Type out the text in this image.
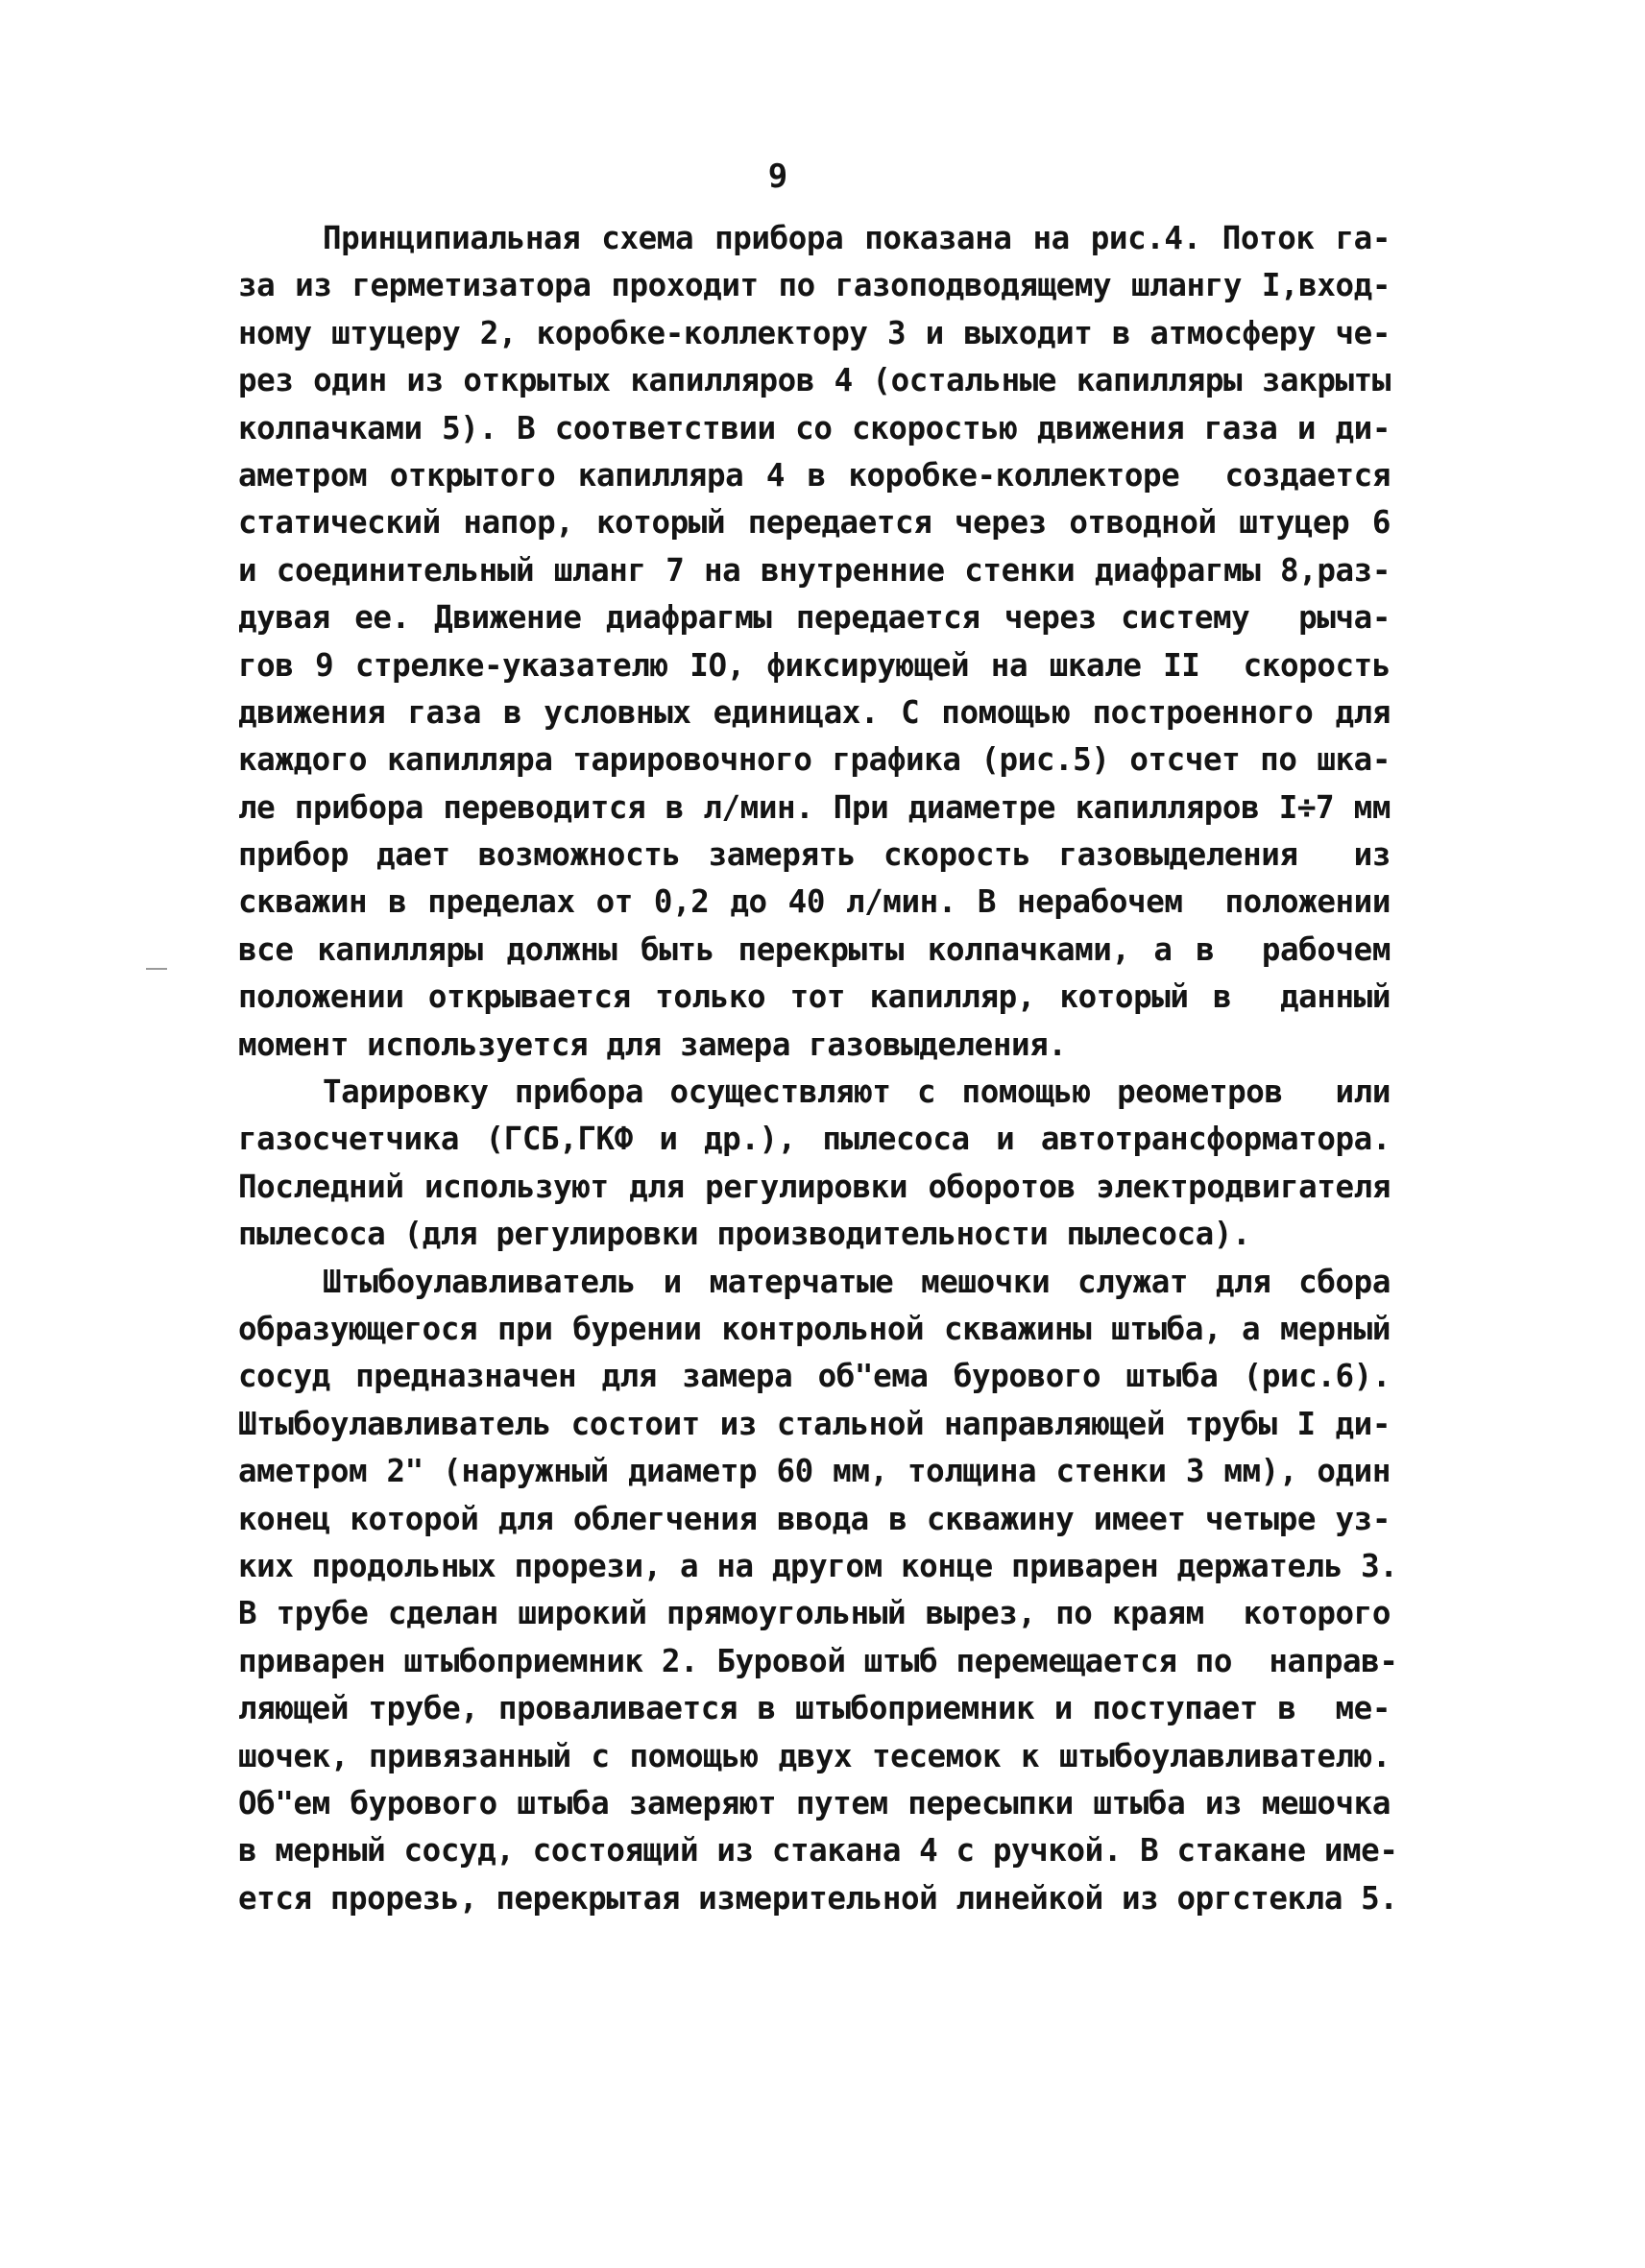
9
Принципиальная схема прибора показана на рис.4. Поток га-
за из герметизатора проходит по газоподводящему шлангу I,вход-
ному штуцеру 2, коробке-коллектору 3 и выходит в атмосферу че-
рез один из открытых капилляров 4 (остальные капилляры закрыты
колпачками 5). В соответствии со скоростью движения газа и ди-
аметром открытого капилляра 4 в коробке-коллекторе  создается
статический напор, который передается через отводной штуцер 6
и соединительный шланг 7 на внутренние стенки диафрагмы 8,раз-
дувая ее. Движение диафрагмы передается через систему  рыча-
гов 9 стрелке-указателю IO, фиксирующей на шкале II  скорость
движения газа в условных единицах. С помощью построенного для
каждого капилляра тарировочного графика (рис.5) отсчет по шка-
ле прибора переводится в л/мин. При диаметре капилляров I÷7 мм
прибор дает возможность замерять скорость газовыделения  из
скважин в пределах от 0,2 до 40 л/мин. В нерабочем  положении
все капилляры должны быть перекрыты колпачками, а в  рабочем
положении открывается только тот капилляр, который в  данный
момент используется для замера газовыделения.
Тарировку прибора осуществляют с помощью реометров  или
газосчетчика (ГСБ,ГКФ и др.), пылесоса и автотрансформатора.
Последний используют для регулировки оборотов электродвигателя
пылесоса (для регулировки производительности пылесоса).
Штыбоулавливатель и матерчатые мешочки служат для сбора
образующегося при бурении контрольной скважины штыба, а мерный
сосуд предназначен для замера об"ема бурового штыба (рис.6).
Штыбоулавливатель состоит из стальной направляющей трубы I ди-
аметром 2" (наружный диаметр 60 мм, толщина стенки 3 мм), один
конец которой для облегчения ввода в скважину имеет четыре уз-
ких продольных прорези, а на другом конце приварен держатель 3.
В трубе сделан широкий прямоугольный вырез, по краям  которого
приварен штыбоприемник 2. Буровой штыб перемещается по  направ-
ляющей трубе, проваливается в штыбоприемник и поступает в  ме-
шочек, привязанный с помощью двух тесемок к штыбоулавливателю.
Об"ем бурового штыба замеряют путем пересыпки штыба из мешочка
в мерный сосуд, состоящий из стакана 4 с ручкой. В стакане име-
ется прорезь, перекрытая измерительной линейкой из оргстекла 5.
